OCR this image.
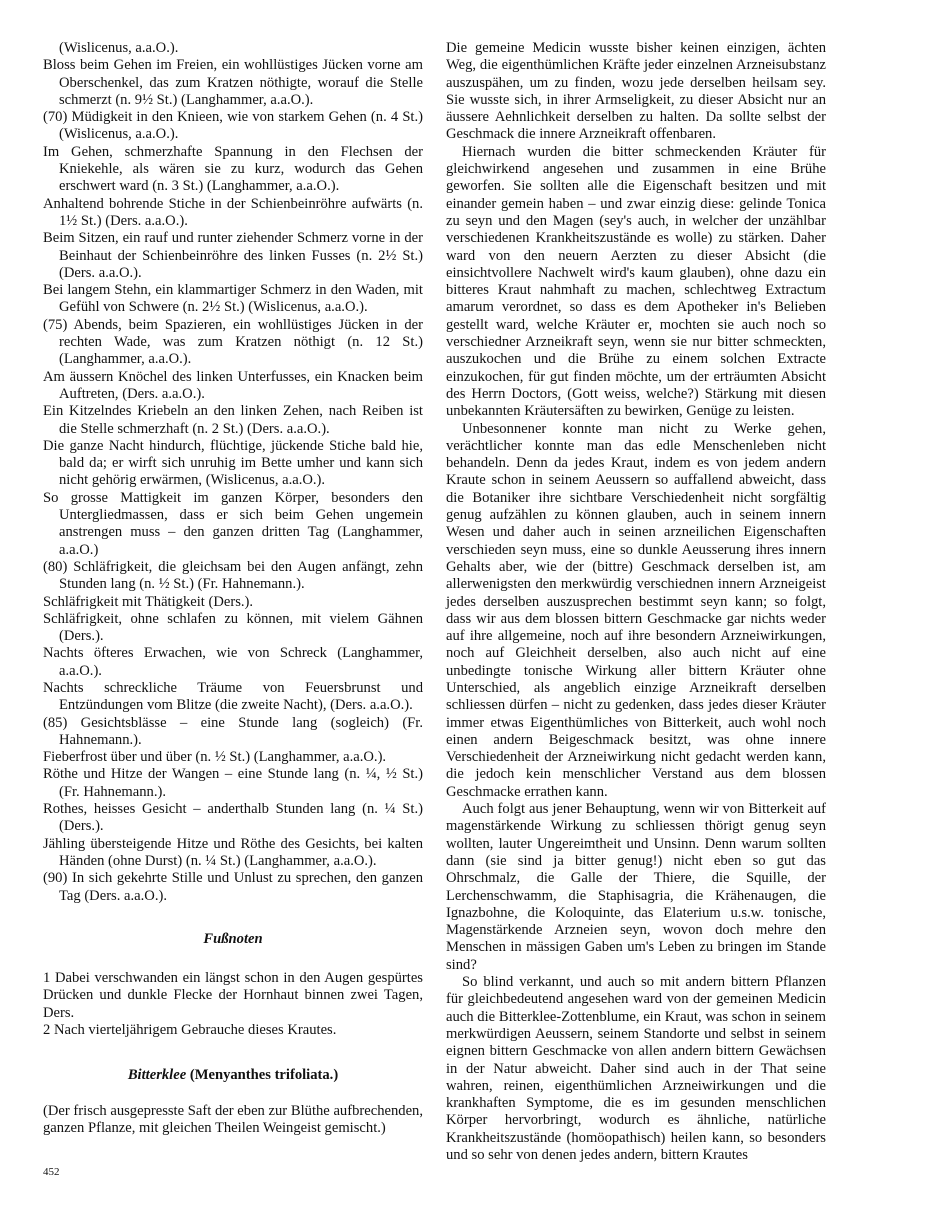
(Wislicenus, a.a.O.).

Bloss beim Gehen im Freien, ein wohllüstiges Jücken vorne am Oberschenkel, das zum Kratzen nöthigte, worauf die Stelle schmerzt (n. 9½ St.) (Langhammer, a.a.O.).

(70) Müdigkeit in den Knieen, wie von starkem Gehen (n. 4 St.) (Wislicenus, a.a.O.).

Im Gehen, schmerzhafte Spannung in den Flechsen der Kniekehle, als wären sie zu kurz, wodurch das Gehen erschwert ward (n. 3 St.) (Langhammer, a.a.O.).

Anhaltend bohrende Stiche in der Schienbeinröhre aufwärts (n. 1½ St.) (Ders. a.a.O.).

Beim Sitzen, ein rauf und runter ziehender Schmerz vorne in der Beinhaut der Schienbeinröhre des linken Fusses (n. 2½ St.) (Ders. a.a.O.).

Bei langem Stehn, ein klammartiger Schmerz in den Waden, mit Gefühl von Schwere (n. 2½ St.) (Wislicenus, a.a.O.).

(75) Abends, beim Spazieren, ein wohllüstiges Jücken in der rechten Wade, was zum Kratzen nöthigt (n. 12 St.) (Langhammer, a.a.O.).

Am äussern Knöchel des linken Unterfusses, ein Knacken beim Auftreten, (Ders. a.a.O.).

Ein Kitzelndes Kriebeln an den linken Zehen, nach Reiben ist die Stelle schmerzhaft (n. 2 St.) (Ders. a.a.O.).

Die ganze Nacht hindurch, flüchtige, jückende Stiche bald hie, bald da; er wirft sich unruhig im Bette umher und kann sich nicht gehörig erwärmen, (Wislicenus, a.a.O.).

So grosse Mattigkeit im ganzen Körper, besonders den Untergliedmassen, dass er sich beim Gehen ungemein anstrengen muss – den ganzen dritten Tag (Langhammer, a.a.O.)

(80) Schläfrigkeit, die gleichsam bei den Augen anfängt, zehn Stunden lang (n. ½ St.) (Fr. Hahnemann.).

Schläfrigkeit mit Thätigkeit (Ders.).

Schläfrigkeit, ohne schlafen zu können, mit vielem Gähnen (Ders.).

Nachts öfteres Erwachen, wie von Schreck (Langhammer, a.a.O.).

Nachts schreckliche Träume von Feuersbrunst und Entzündungen vom Blitze (die zweite Nacht), (Ders. a.a.O.).

(85) Gesichtsblässe – eine Stunde lang (sogleich) (Fr. Hahnemann.).

Fieberfrost über und über (n. ½ St.) (Langhammer, a.a.O.).

Röthe und Hitze der Wangen – eine Stunde lang (n. ¼, ½ St.) (Fr. Hahnemann.).

Rothes, heisses Gesicht – anderthalb Stunden lang (n. ¼ St.) (Ders.).

Jähling übersteigende Hitze und Röthe des Gesichts, bei kalten Händen (ohne Durst) (n. ¼ St.) (Langhammer, a.a.O.).

(90) In sich gekehrte Stille und Unlust zu sprechen, den ganzen Tag (Ders. a.a.O.).

Fußnoten

1 Dabei verschwanden ein längst schon in den Augen gespürtes Drücken und dunkle Flecke der Hornhaut binnen zwei Tagen, Ders.

2 Nach vierteljährigem Gebrauche dieses Krautes.

Bitterklee (Menyanthes trifoliata.)

(Der frisch ausgepresste Saft der eben zur Blüthe aufbrechenden, ganzen Pflanze, mit gleichen Theilen Weingeist gemischt.)

Die gemeine Medicin wusste bisher keinen einzigen, ächten Weg, die eigenthümlichen Kräfte jeder einzelnen Arzneisubstanz auszuspähen, um zu finden, wozu jede derselben heilsam sey. Sie wusste sich, in ihrer Armseligkeit, zu dieser Absicht nur an äussere Aehnlichkeit derselben zu halten. Da sollte selbst der Geschmack die innere Arzneikraft offenbaren.

Hiernach wurden die bitter schmeckenden Kräuter für gleichwirkend angesehen und zusammen in eine Brühe geworfen. Sie sollten alle die Eigenschaft besitzen und mit einander gemein haben – und zwar einzig diese: gelinde Tonica zu seyn und den Magen (sey's auch, in welcher der unzählbar verschiedenen Krankheitszustände es wolle) zu stärken. Daher ward von den neuern Aerzten zu dieser Absicht (die einsichtvollere Nachwelt wird's kaum glauben), ohne dazu ein bitteres Kraut nahmhaft zu machen, schlechtweg Extractum amarum verordnet, so dass es dem Apotheker in's Belieben gestellt ward, welche Kräuter er, mochten sie auch noch so verschiedner Arzneikraft seyn, wenn sie nur bitter schmeckten, auszukochen und die Brühe zu einem solchen Extracte einzukochen, für gut finden möchte, um der erträumten Absicht des Herrn Doctors, (Gott weiss, welche?) Stärkung mit diesen unbekannten Kräutersäften zu bewirken, Genüge zu leisten.

Unbesonnener konnte man nicht zu Werke gehen, verächtlicher konnte man das edle Menschenleben nicht behandeln. Denn da jedes Kraut, indem es von jedem andern Kraute schon in seinem Aeussern so auffallend abweicht, dass die Botaniker ihre sichtbare Verschiedenheit nicht sorgfältig genug aufzählen zu können glauben, auch in seinem innern Wesen und daher auch in seinen arzneilichen Eigenschaften verschieden seyn muss, eine so dunkle Aeusserung ihres innern Gehalts aber, wie der (bittre) Geschmack derselben ist, am allerwenigsten den merkwürdig verschiednen innern Arzneigeist jedes derselben auszusprechen bestimmt seyn kann; so folgt, dass wir aus dem blossen bittern Geschmacke gar nichts weder auf ihre allgemeine, noch auf ihre besondern Arzneiwirkungen, noch auf Gleichheit derselben, also auch nicht auf eine unbedingte tonische Wirkung aller bittern Kräuter ohne Unterschied, als angeblich einzige Arzneikraft derselben schliessen dürfen – nicht zu gedenken, dass jedes dieser Kräuter immer etwas Eigenthümliches von Bitterkeit, auch wohl noch einen andern Beigeschmack besitzt, was ohne innere Verschiedenheit der Arzneiwirkung nicht gedacht werden kann, die jedoch kein menschlicher Verstand aus dem blossen Geschmacke errathen kann.

Auch folgt aus jener Behauptung, wenn wir von Bitterkeit auf magenstärkende Wirkung zu schliessen thörigt genug seyn wollten, lauter Ungereimtheit und Unsinn. Denn warum sollten dann (sie sind ja bitter genug!) nicht eben so gut das Ohrschmalz, die Galle der Thiere, die Squille, der Lerchenschwamm, die Staphisagria, die Krähenaugen, die Ignazbohne, die Koloquinte, das Elaterium u.s.w. tonische, Magenstärkende Arzneien seyn, wovon doch mehre den Menschen in mässigen Gaben um's Leben zu bringen im Stande sind?

So blind verkannt, und auch so mit andern bittern Pflanzen für gleichbedeutend angesehen ward von der gemeinen Medicin auch die Bitterklee-Zottenblume, ein Kraut, was schon in seinem merkwürdigen Aeussern, seinem Standorte und selbst in seinem eignen bittern Geschmacke von allen andern bittern Gewächsen in der Natur abweicht. Daher sind auch in der That seine wahren, reinen, eigenthümlichen Arzneiwirkungen und die krankhaften Symptome, die es im gesunden menschlichen Körper hervorbringt, wodurch es ähnliche, natürliche Krankheitszustände (homöopathisch) heilen kann, so besonders und so sehr von denen jedes andern, bittern Krautes

452
